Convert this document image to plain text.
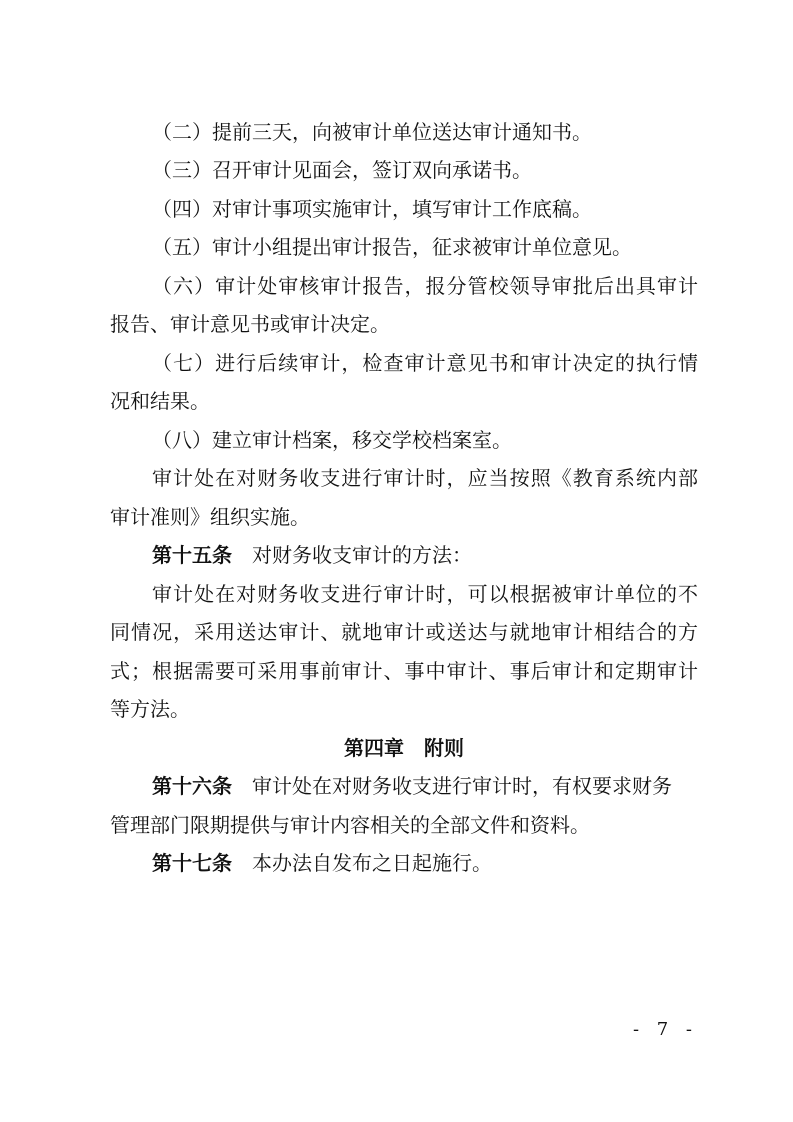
（二）提前三天，向被审计单位送达审计通知书。
（三）召开审计见面会，签订双向承诺书。
（四）对审计事项实施审计，填写审计工作底稿。
（五）审计小组提出审计报告，征求被审计单位意见。
（六）审计处审核审计报告，报分管校领导审批后出具审计
报告、审计意见书或审计决定。
（七）进行后续审计，检查审计意见书和审计决定的执行情
况和结果。
（八）建立审计档案，移交学校档案室。
审计处在对财务收支进行审计时，应当按照《教育系统内部
审计准则》组织实施。
第十五条　 对财务收支审计的方法：
审计处在对财务收支进行审计时，可以根据被审计单位的不
同情况，采用送达审计、就地审计或送达与就地审计相结合的方
式；根据需要可采用事前审计、事中审计、事后审计和定期审计
等方法。
第四章　附则
第十六条　 审计处在对财务收支进行审计时，有权要求财务
管理部门限期提供与审计内容相关的全部文件和资料。
第十七条　 本办法自发布之日起施行。
- 7 -
